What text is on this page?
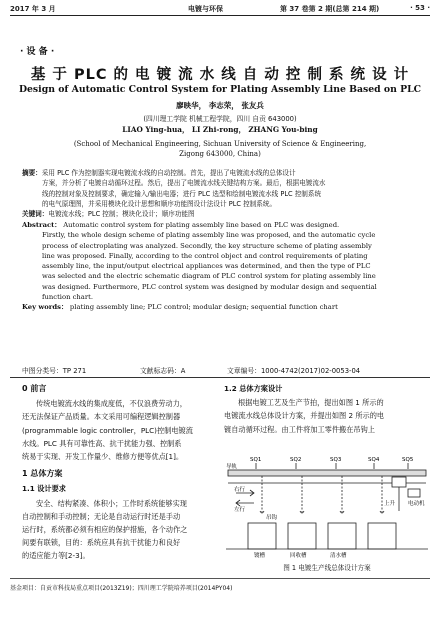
2017 年 3 月	电镀与环保	第 37 卷第 2 期(总第 214 期)	· 53 ·
· 设 备 ·
基 于 PLC 的 电 镀 流 水 线 自 动 控 制 系 统 设 计
Design of Automatic Control System for Plating Assembly Line Based on PLC
廖映华， 李志荣， 张友兵
(四川理工学院 机械工程学院，四川 自贡 643000)
LIAO Ying-hua， LI Zhi-rong， ZHANG You-bing
(School of Mechanical Engineering, Sichuan University of Science & Engineering,
Zigong 643000, China)
摘要：采用 PLC 作为控制器实现电镀流水线的自动控制。首先，提出了电镀流水线的总体设计
方案，并分析了电镀自动循环过程。然后，提出了电镀流水线关键结构方案。最后，根据电镀流水
线的控制对象及控制要求，确定输入/输出电器；进行 PLC 选型和绘制电镀流水线 PLC 控制系统
的电气原理图，并采用模块化设计思想和顺序功能图设计法设计 PLC 控制系统。
关键词：电镀流水线；PLC 控制；模块化设计；顺序功能图
Abstract： Automatic control system for plating assembly line based on PLC was designed.
Firstly, the whole design scheme of plating assembly line was proposed, and the automatic cycle
process of electroplating was analyzed. Secondly, the key structure scheme of plating assembly
line was proposed. Finally, according to the control object and control requirements of plating
assembly line, the input/output electrical appliances was determined, and then the type of PLC
was selected and the electric schematic diagram of PLC control system for plating assembly line
was designed. Furthermore, PLC control system was designed by modular design and sequential
function chart.
Key words： plating assembly line; PLC control; modular design; sequential function chart
中图分类号：TP 271	文献标志码：A	文章编号：1000-4742(2017)02-0053-04

0 前言

传统电镀流水线的集成度低，不仅浪费劳动力，

还无法保证产品质量。本文采用可编程逻辑控制器

(programmable logic controller，PLC)控制电镀流

水线。PLC 具有可靠性高、抗干扰能力强、控制系

统易于实现、开发工作量少、维修方便等优点[1]。

1 总体方案

1.1 设计要求

安全、结构紧凑、体积小；工作时系统能够实现

自动控制和手动控制；无论是自动运行时还是手动

运行时，系统都必须有相应的保护措施，各个动作之

间要有联锁，目的：系统应具有抗干扰能力和良好

的适应能力等[2-3]。

1.2 总体方案设计

根据电镀工艺及生产节拍，提出如图 1 所示的

电镀流水线总体设计方案，并提出如图 2 所示的电

镀自动循环过程。由工件将加工零件搬在吊钩上

SQ1	SQ2	SQ3	SQ4	SQ5
导轨
电动机
上升
左行
右行
吊钩
镀槽	回收槽	清水槽
图 1 电镀生产线总体设计方案
基金项目：自贡市科技局重点项目(2013Z19)；四川理工学院培养项目(2014PY04)
